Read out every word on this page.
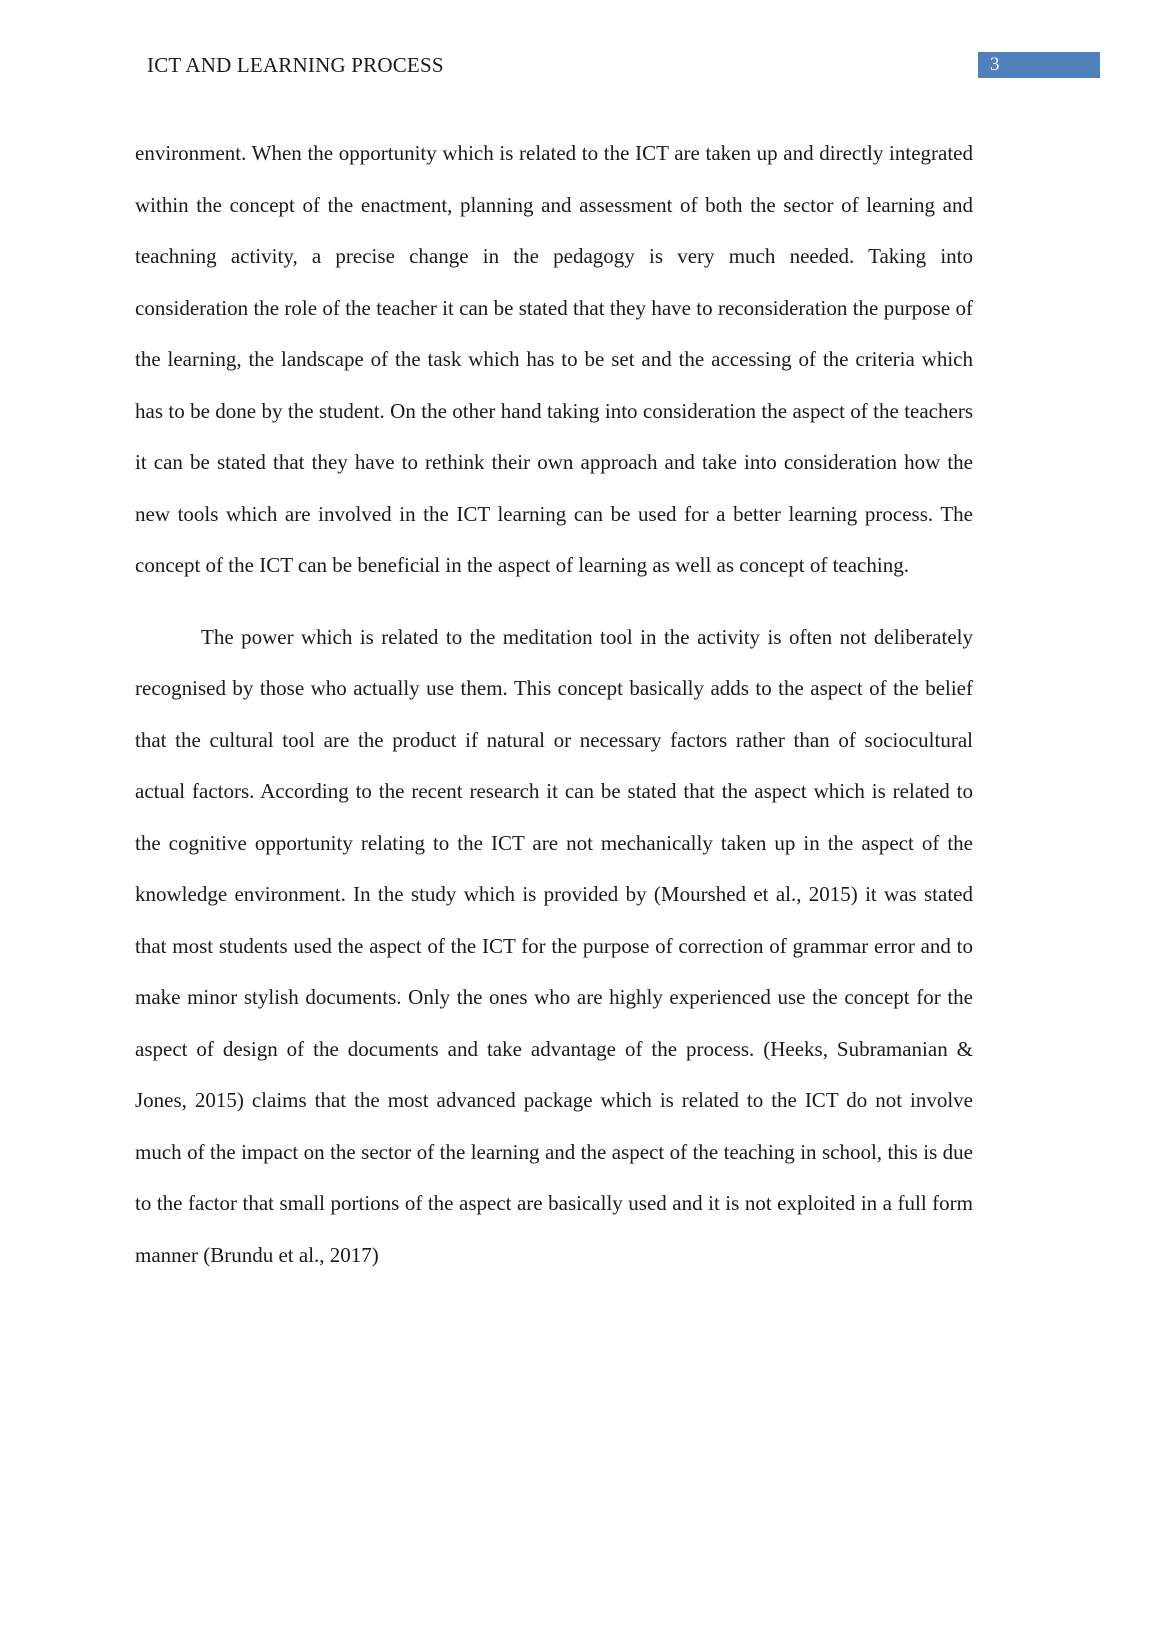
ICT AND LEARNING PROCESS	3

environment. When the opportunity which is related to the ICT are taken up and directly integrated within the concept of the enactment, planning and assessment of both the sector of learning and teachning activity, a precise change in the pedagogy is very much needed. Taking into consideration the role of the teacher it can be stated that they have to reconsideration the purpose of the learning, the landscape of the task which has to be set and the accessing of the criteria which has to be done by the student. On the other hand taking into consideration the aspect of the teachers it can be stated that they have to rethink their own approach and take into consideration how the new tools which are involved in the ICT learning can be used for a better learning process. The concept of the ICT can be beneficial in the aspect of learning as well as concept of teaching.

The power which is related to the meditation tool in the activity is often not deliberately recognised by those who actually use them. This concept basically adds to the aspect of the belief that the cultural tool are the product if natural or necessary factors rather than of sociocultural actual factors. According to the recent research it can be stated that the aspect which is related to the cognitive opportunity relating to the ICT are not mechanically taken up in the aspect of the knowledge environment. In the study which is provided by (Mourshed et al., 2015) it was stated that most students used the aspect of the ICT for the purpose of correction of grammar error and to make minor stylish documents. Only the ones who are highly experienced use the concept for the aspect of design of the documents and take advantage of the process. (Heeks, Subramanian & Jones, 2015) claims that the most advanced package which is related to the ICT do not involve much of the impact on the sector of the learning and the aspect of the teaching in school, this is due to the factor that small portions of the aspect are basically used and it is not exploited in a full form manner (Brundu et al., 2017)
